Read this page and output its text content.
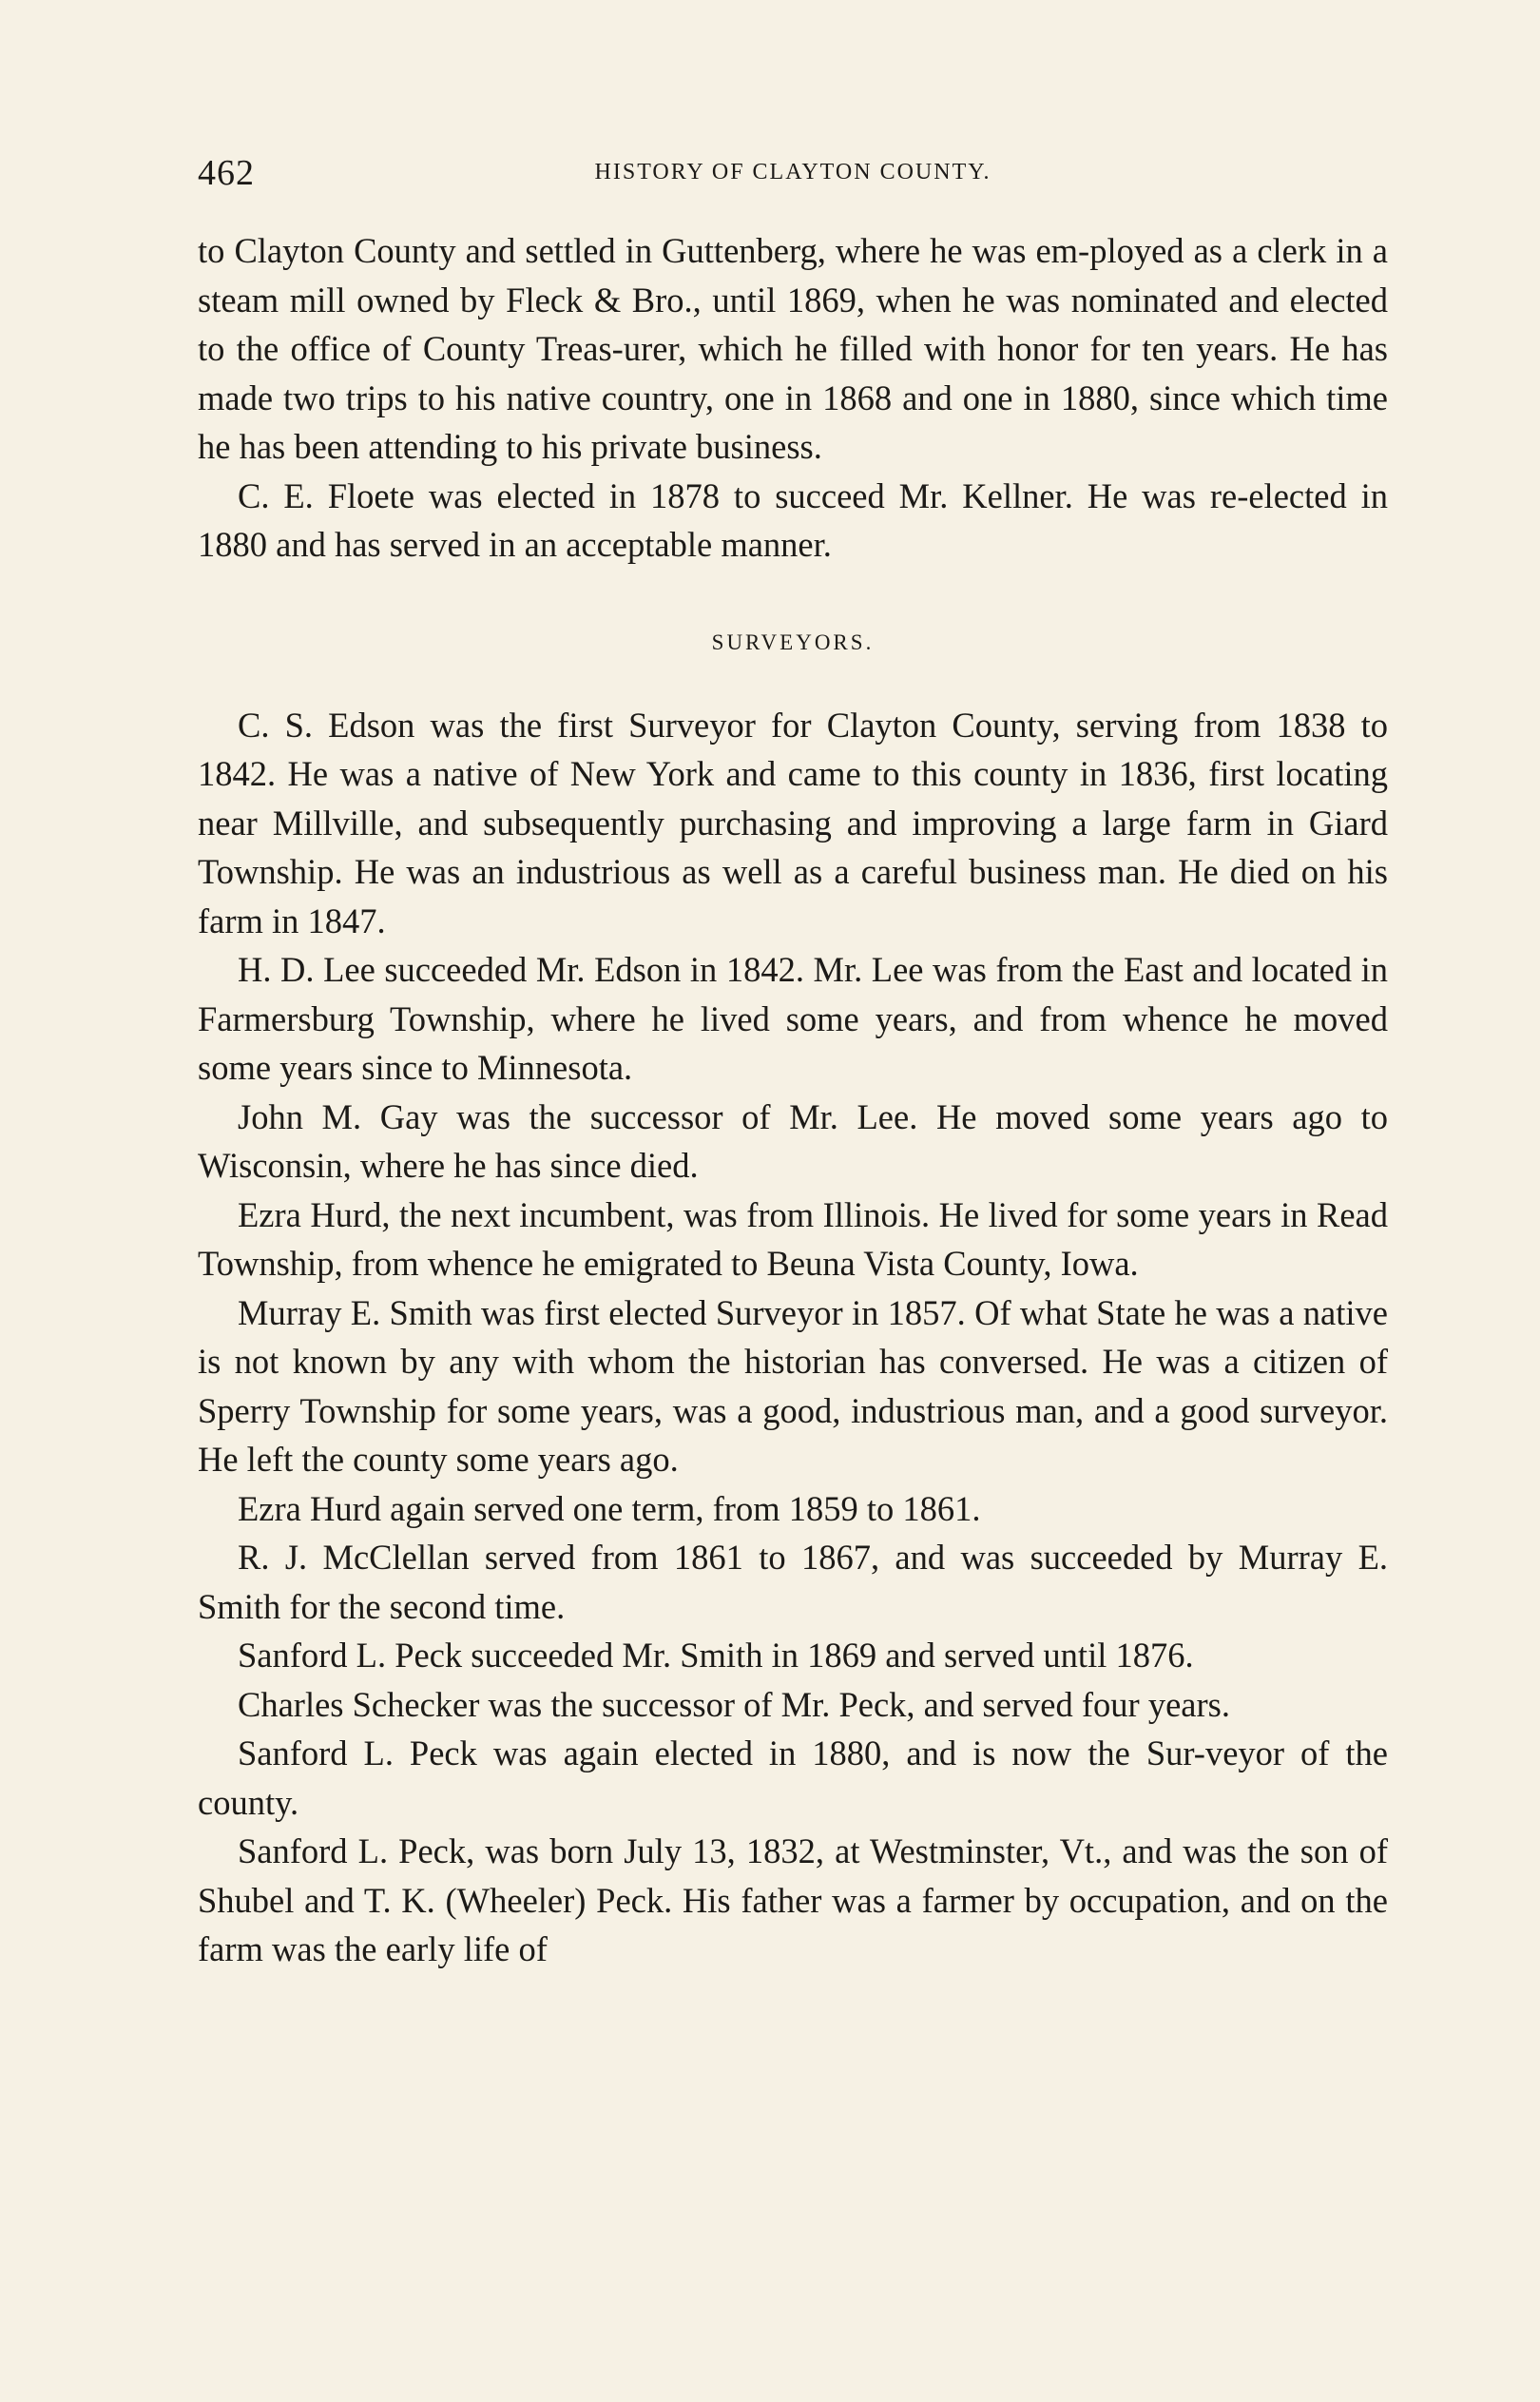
462	HISTORY OF CLAYTON COUNTY.

to Clayton County and settled in Guttenberg, where he was em-ployed as a clerk in a steam mill owned by Fleck & Bro., until 1869, when he was nominated and elected to the office of County Treas-urer, which he filled with honor for ten years. He has made two trips to his native country, one in 1868 and one in 1880, since which time he has been attending to his private business.

C. E. Floete was elected in 1878 to succeed Mr. Kellner. He was re-elected in 1880 and has served in an acceptable manner.

SURVEYORS.

C. S. Edson was the first Surveyor for Clayton County, serving from 1838 to 1842. He was a native of New York and came to this county in 1836, first locating near Millville, and subsequently purchasing and improving a large farm in Giard Township. He was an industrious as well as a careful business man. He died on his farm in 1847.

H. D. Lee succeeded Mr. Edson in 1842. Mr. Lee was from the East and located in Farmersburg Township, where he lived some years, and from whence he moved some years since to Minnesota.

John M. Gay was the successor of Mr. Lee. He moved some years ago to Wisconsin, where he has since died.

Ezra Hurd, the next incumbent, was from Illinois. He lived for some years in Read Township, from whence he emigrated to Beuna Vista County, Iowa.

Murray E. Smith was first elected Surveyor in 1857. Of what State he was a native is not known by any with whom the historian has conversed. He was a citizen of Sperry Township for some years, was a good, industrious man, and a good surveyor. He left the county some years ago.

Ezra Hurd again served one term, from 1859 to 1861.

R. J. McClellan served from 1861 to 1867, and was succeeded by Murray E. Smith for the second time.

Sanford L. Peck succeeded Mr. Smith in 1869 and served until 1876.

Charles Schecker was the successor of Mr. Peck, and served four years.

Sanford L. Peck was again elected in 1880, and is now the Sur-veyor of the county.

Sanford L. Peck, was born July 13, 1832, at Westminster, Vt., and was the son of Shubel and T. K. (Wheeler) Peck. His father was a farmer by occupation, and on the farm was the early life of
